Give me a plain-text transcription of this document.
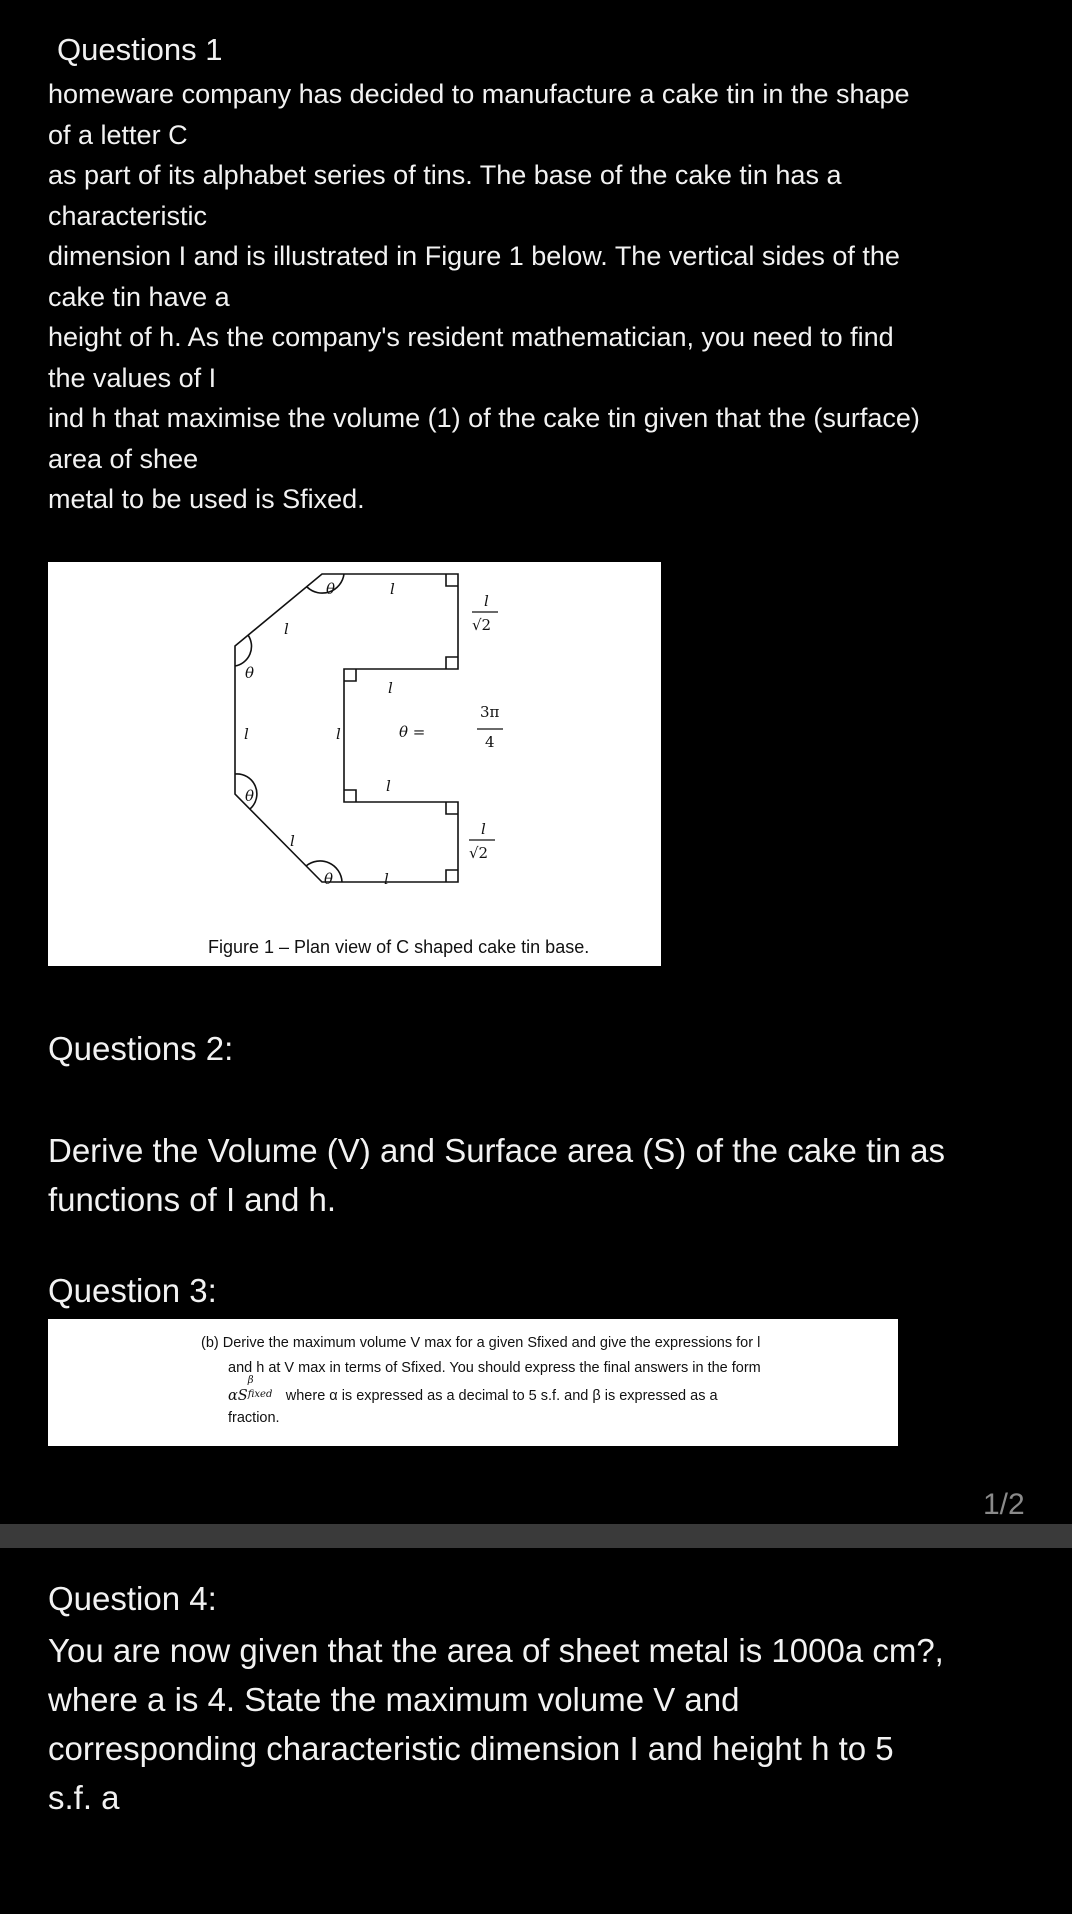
Questions 1
homeware company has decided to manufacture a cake tin in the shape
of a letter C
as part of its alphabet series of tins. The base of the cake tin has a
characteristic
dimension I and is illustrated in Figure 1 below. The vertical sides of the
cake tin have a
height of h. As the company's resident mathematician, you need to find
the values of I
ind h that maximise the volume (1) of the cake tin given that the (surface)
area of shee
metal to be used is Sfixed.
θ	l
l
θ
l
l	l
l
θ
l
θ	l
l
√2
θ =
3π
4
l
√2
Figure 1 – Plan view of C shaped cake tin base.
Questions 2:
Derive the Volume (V) and Surface area (S) of the cake tin as
functions of I and h.
Question 3:
(b) Derive the maximum volume V max for a given Sfixed and give the expressions for l
and h at V max in terms of Sfixed. You should express the final answers in the form
αS
β
fixed where α is expressed as a decimal to 5 s.f. and β is expressed as a
fraction.
1/2
Question 4:
You are now given that the area of sheet metal is 1000a cm?,
where a is 4. State the maximum volume V and
corresponding characteristic dimension I and height h to 5
s.f. a
